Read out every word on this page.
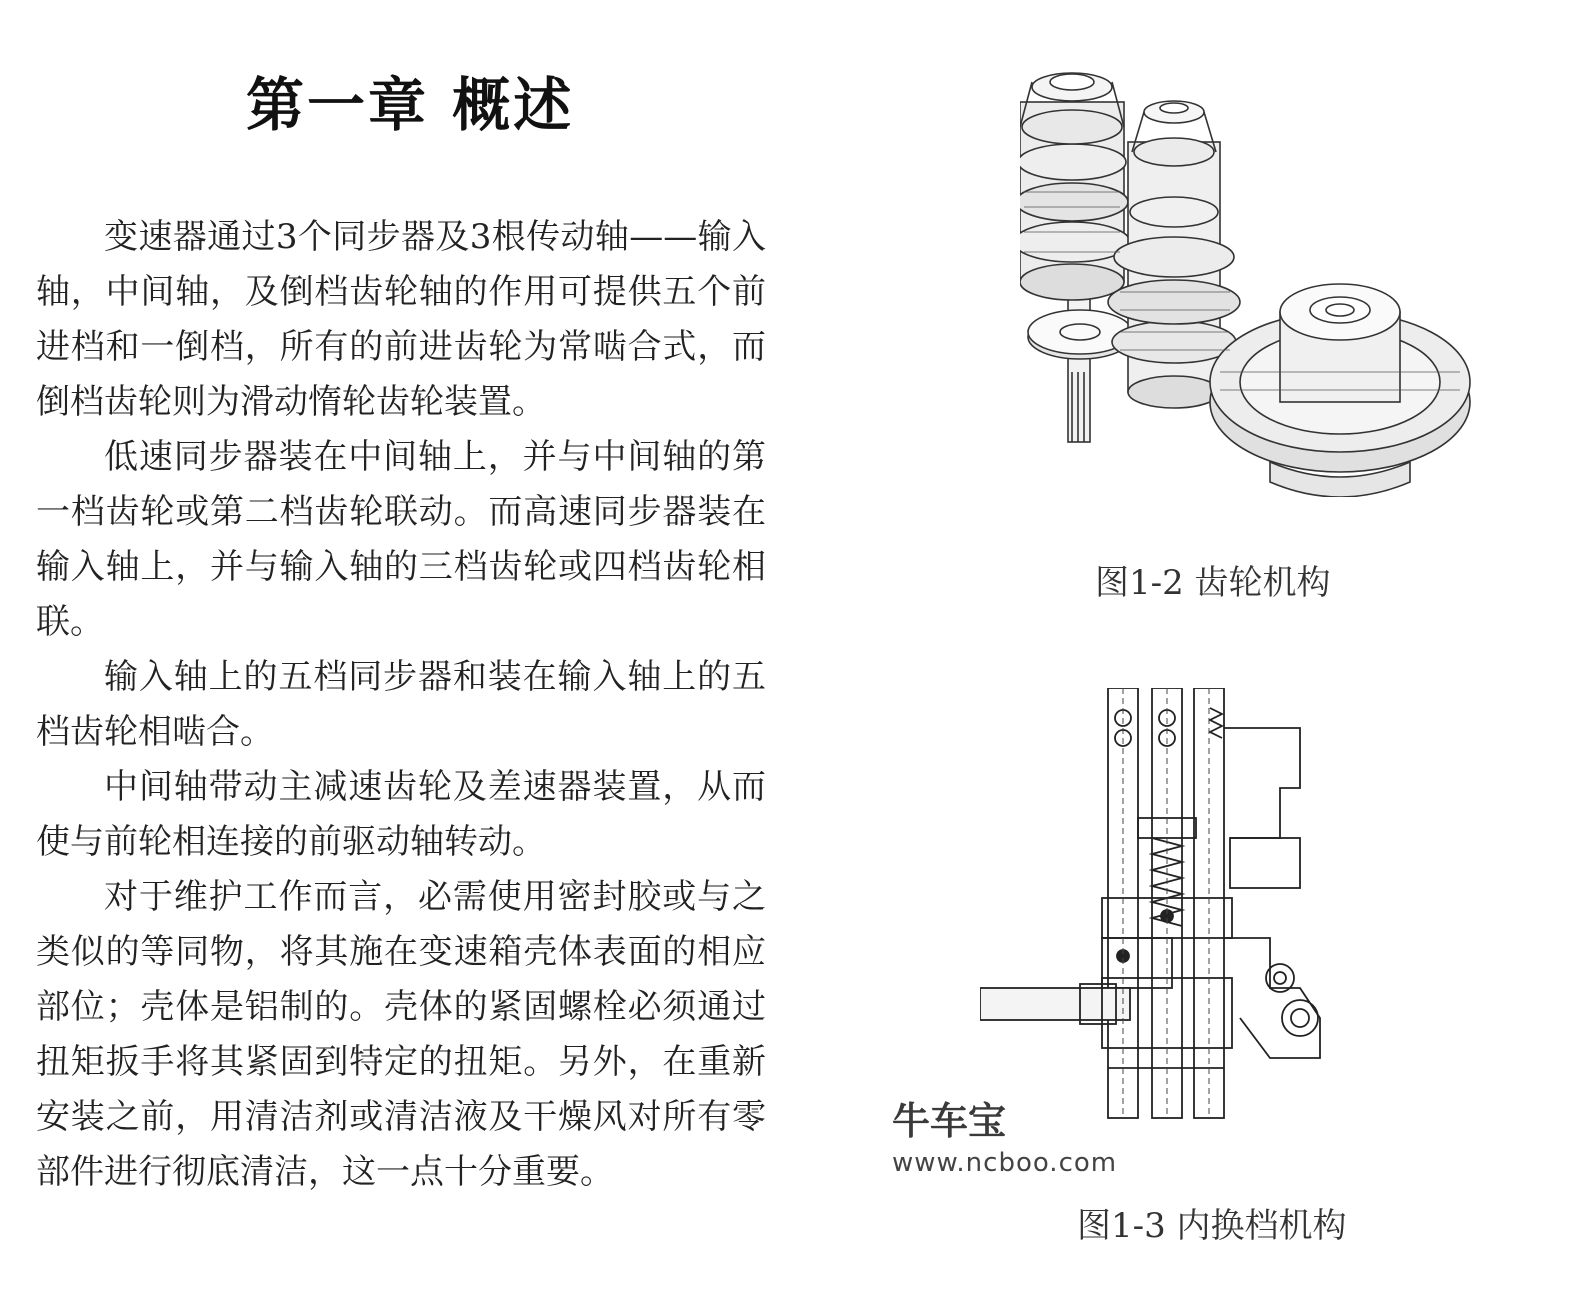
第一章 概述

变速器通过3个同步器及3根传动轴——输入轴，中间轴，及倒档齿轮轴的作用可提供五个前进档和一倒档，所有的前进齿轮为常啮合式，而倒档齿轮则为滑动惰轮齿轮装置。

低速同步器装在中间轴上，并与中间轴的第一档齿轮或第二档齿轮联动。而高速同步器装在输入轴上，并与输入轴的三档齿轮或四档齿轮相联。

输入轴上的五档同步器和装在输入轴上的五档齿轮相啮合。

中间轴带动主减速齿轮及差速器装置，从而使与前轮相连接的前驱动轴转动。

对于维护工作而言，必需使用密封胶或与之类似的等同物，将其施在变速箱壳体表面的相应部位；壳体是铝制的。壳体的紧固螺栓必须通过扭矩扳手将其紧固到特定的扭矩。另外，在重新安装之前，用清洁剂或清洁液及干燥风对所有零部件进行彻底清洁，这一点十分重要。

图1-2 齿轮机构
图1-3 内换档机构
牛车宝
www.ncboo.com
